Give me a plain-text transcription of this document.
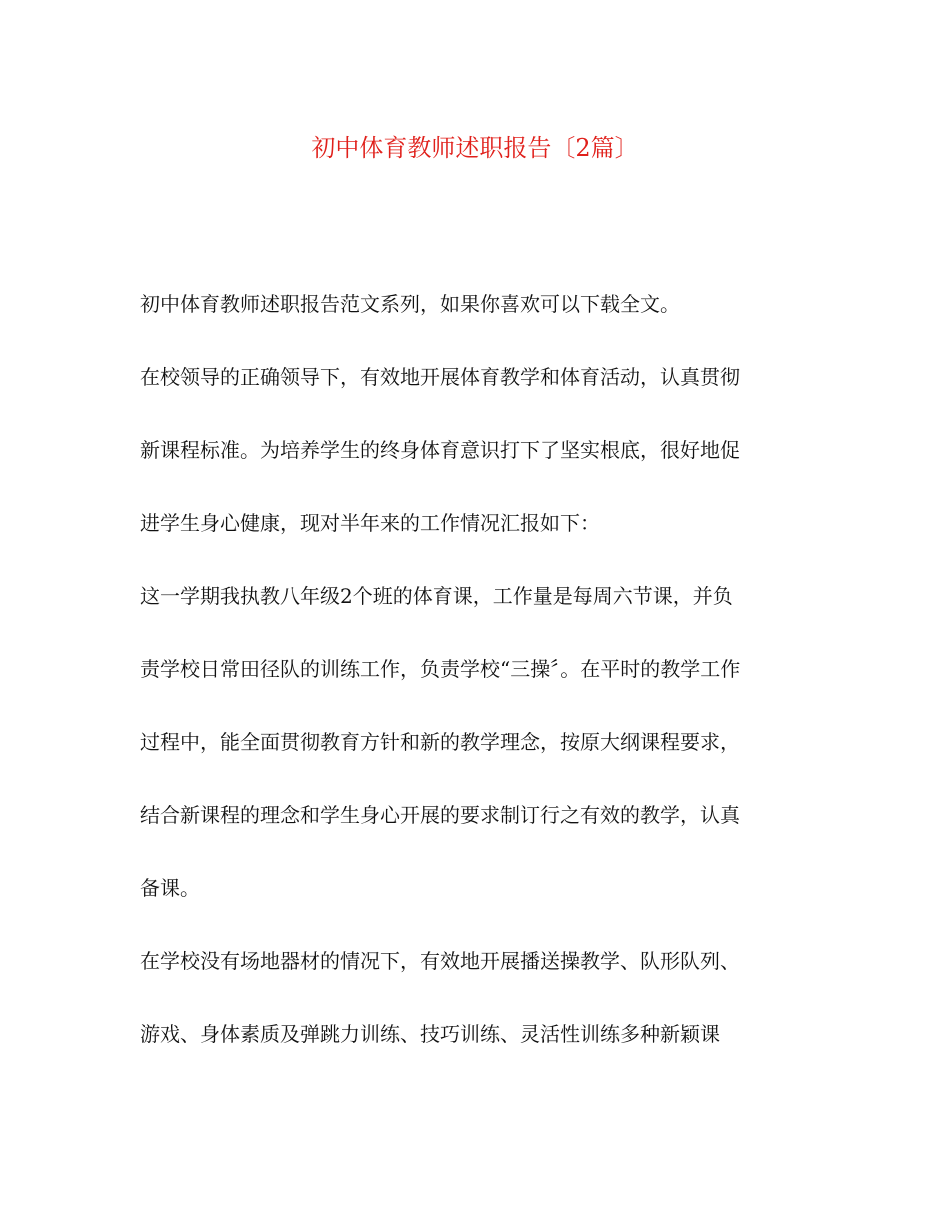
初中体育教师述职报告〔2篇〕

初中体育教师述职报告范文系列，如果你喜欢可以下载全文。

在校领导的正确领导下，有效地开展体育教学和体育活动，认真贯彻

新课程标准。为培养学生的终身体育意识打下了坚实根底，很好地促

进学生身心健康，现对半年来的工作情况汇报如下：

这一学期我执教八年级2个班的体育课，工作量是每周六节课，并负

责学校日常田径队的训练工作，负责学校“三操〞。在平时的教学工作

过程中，能全面贯彻教育方针和新的教学理念，按原大纲课程要求，

结合新课程的理念和学生身心开展的要求制订行之有效的教学，认真

备课。

在学校没有场地器材的情况下，有效地开展播送操教学、队形队列、

游戏、身体素质及弹跳力训练、技巧训练、灵活性训练多种新颖课
